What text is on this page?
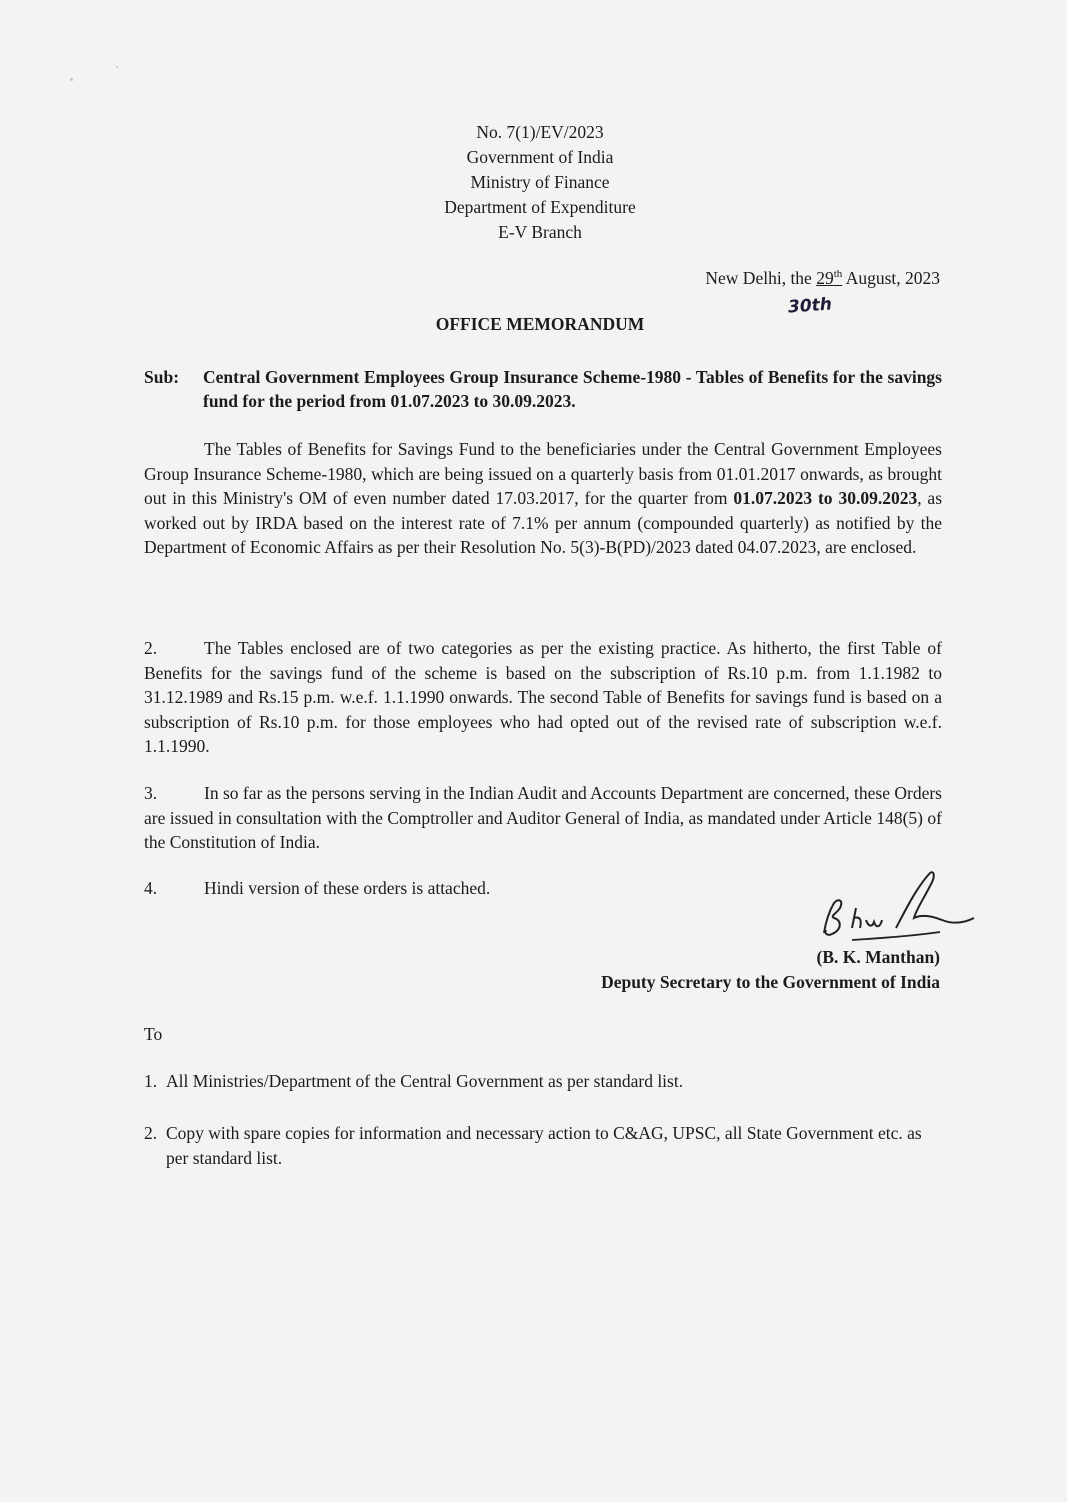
No. 7(1)/EV/2023
Government of India
Ministry of Finance
Department of Expenditure
E-V Branch
New Delhi, the 29th August, 2023
30th
OFFICE MEMORANDUM
Sub: Central Government Employees Group Insurance Scheme-1980 - Tables of Benefits for the savings fund for the period from 01.07.2023 to 30.09.2023.
The Tables of Benefits for Savings Fund to the beneficiaries under the Central Government Employees Group Insurance Scheme-1980, which are being issued on a quarterly basis from 01.01.2017 onwards, as brought out in this Ministry's OM of even number dated 17.03.2017, for the quarter from 01.07.2023 to 30.09.2023, as worked out by IRDA based on the interest rate of 7.1% per annum (compounded quarterly) as notified by the Department of Economic Affairs as per their Resolution No. 5(3)-B(PD)/2023 dated 04.07.2023, are enclosed.
2.	The Tables enclosed are of two categories as per the existing practice. As hitherto, the first Table of Benefits for the savings fund of the scheme is based on the subscription of Rs.10 p.m. from 1.1.1982 to 31.12.1989 and Rs.15 p.m. w.e.f. 1.1.1990 onwards. The second Table of Benefits for savings fund is based on a subscription of Rs.10 p.m. for those employees who had opted out of the revised rate of subscription w.e.f. 1.1.1990.
3.	In so far as the persons serving in the Indian Audit and Accounts Department are concerned, these Orders are issued in consultation with the Comptroller and Auditor General of India, as mandated under Article 148(5) of the Constitution of India.
4.	Hindi version of these orders is attached.
(B. K. Manthan)
Deputy Secretary to the Government of India
To
1. All Ministries/Department of the Central Government as per standard list.
2. Copy with spare copies for information and necessary action to C&AG, UPSC, all State Government etc. as per standard list.
